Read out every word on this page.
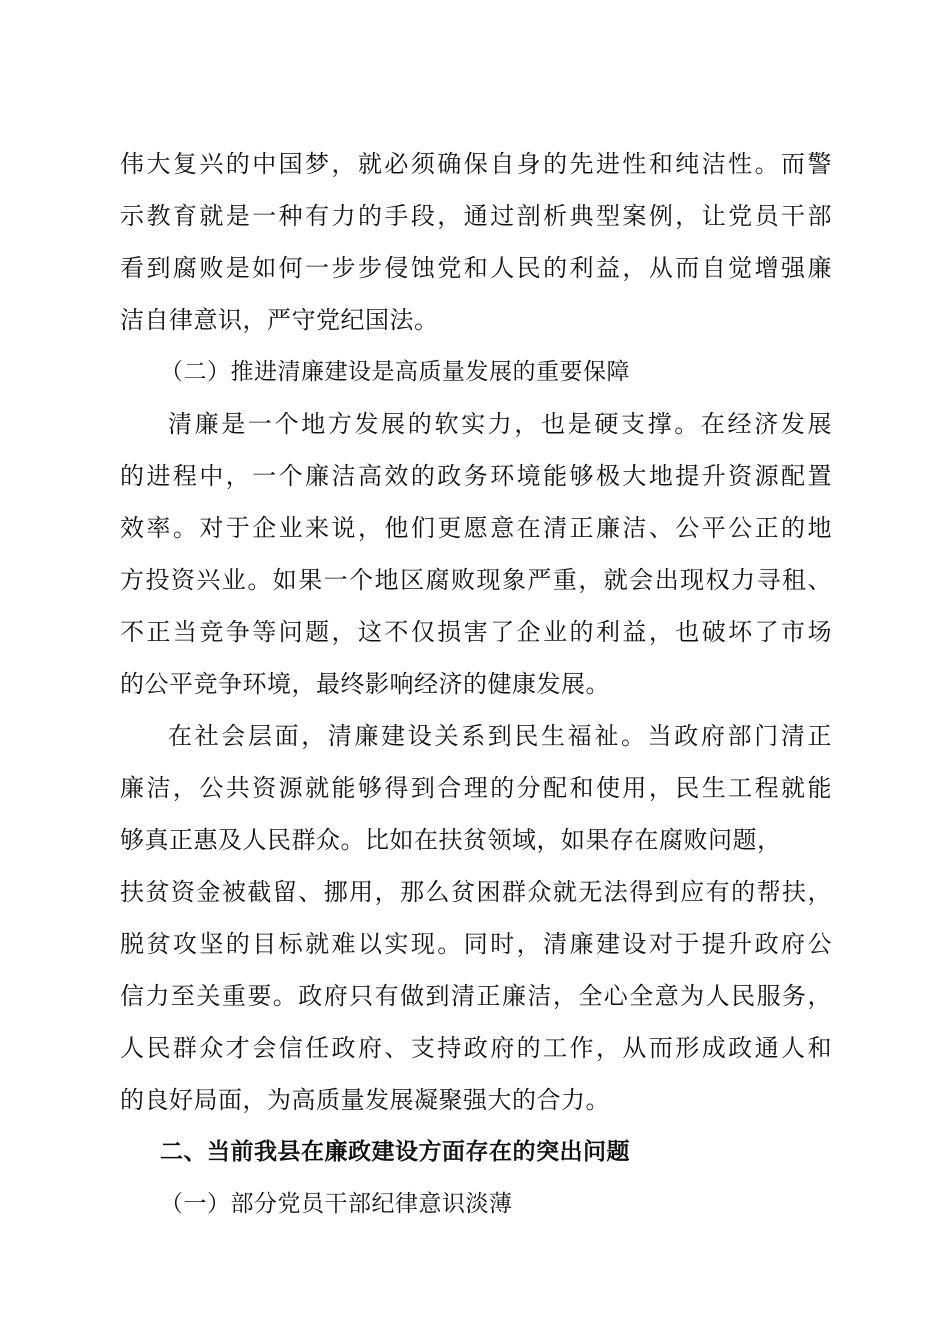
伟大复兴的中国梦，就必须确保自身的先进性和纯洁性。而警
示教育就是一种有力的手段，通过剖析典型案例，让党员干部
看到腐败是如何一步步侵蚀党和人民的利益，从而自觉增强廉
洁自律意识，严守党纪国法。
（二）推进清廉建设是高质量发展的重要保障
清廉是一个地方发展的软实力，也是硬支撑。在经济发展
的进程中，一个廉洁高效的政务环境能够极大地提升资源配置
效率。对于企业来说，他们更愿意在清正廉洁、公平公正的地
方投资兴业。如果一个地区腐败现象严重，就会出现权力寻租、
不正当竞争等问题，这不仅损害了企业的利益，也破坏了市场
的公平竞争环境，最终影响经济的健康发展。
在社会层面，清廉建设关系到民生福祉。当政府部门清正
廉洁，公共资源就能够得到合理的分配和使用，民生工程就能
够真正惠及人民群众。比如在扶贫领域，如果存在腐败问题，
扶贫资金被截留、挪用，那么贫困群众就无法得到应有的帮扶，
脱贫攻坚的目标就难以实现。同时，清廉建设对于提升政府公
信力至关重要。政府只有做到清正廉洁，全心全意为人民服务，
人民群众才会信任政府、支持政府的工作，从而形成政通人和
的良好局面，为高质量发展凝聚强大的合力。
二、当前我县在廉政建设方面存在的突出问题
（一）部分党员干部纪律意识淡薄
